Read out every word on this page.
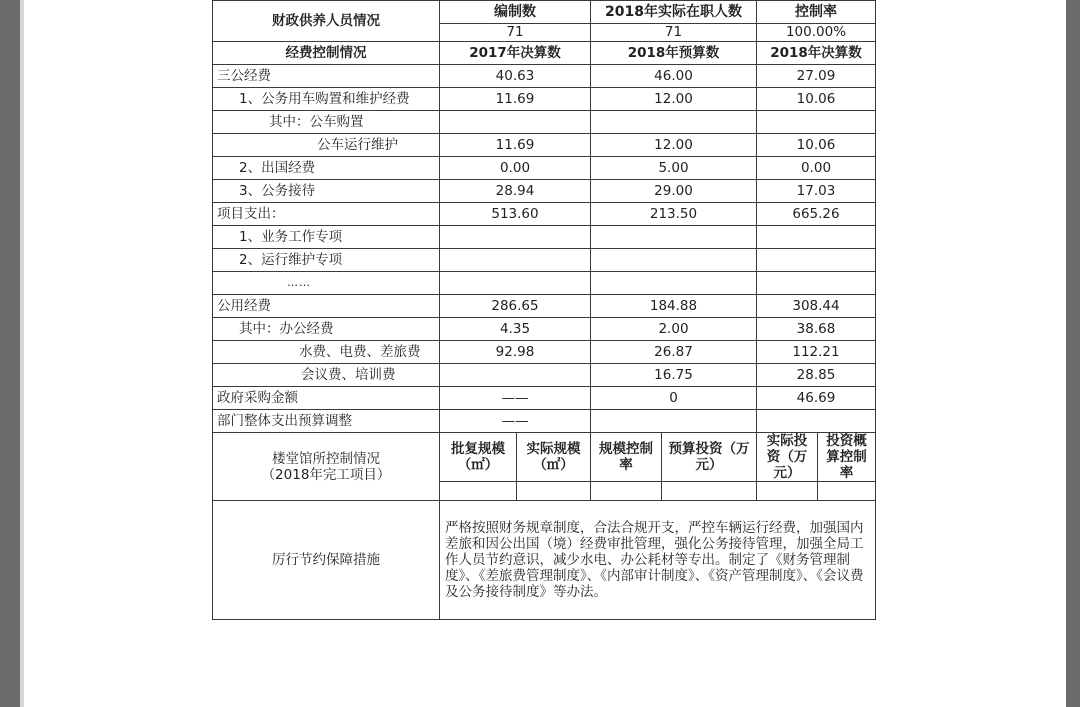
财政供养人员情况	编制数		2018年实际在职人数		控制率	
	71		71		100.00%	
经费控制情况	2017年决算数		2018年预算数		2018年决算数	
三公经费	40.63		46.00		27.09	

1、公务用车购置和维护经费	11.69		12.00		10.06	
其中：公车购置						
公车运行维护	11.69		12.00		10.06	
2、出国经费	0.00		5.00		0.00	
3、公务接待	28.94		29.00		17.03	
项目支出：	513.60		213.50		665.26	
1、业务工作专项						
2、运行维护专项						
……						
公用经费	286.65		184.88		308.44	
其中：办公经费	4.35		2.00		38.68	

水费、电费、差旅费	92.98		26.87		112.21	
会议费、培训费			16.75		28.85	
政府采购金额	——		0		46.69	
部门整体支出预算调整	——					

楼堂馆所控制情况
（2018年完工项目）	批复规模（㎡）	实际规模（㎡）	规模控制率	预算投资（万元）	实际投资（万元）	投资概算控制率

厉行节约保障措施	严格按照财务规章制度，合法合规开支，严控车辆运行经费，加强国内差旅和因公出国（境）经费审批管理，强化公务接待管理，加强全局工作人员节约意识，减少水电、办公耗材等专出。制定了《财务管理制度》、《差旅费管理制度》、《内部审计制度》、《资产管理制度》、《会议费及公务接待制度》等办法。					
